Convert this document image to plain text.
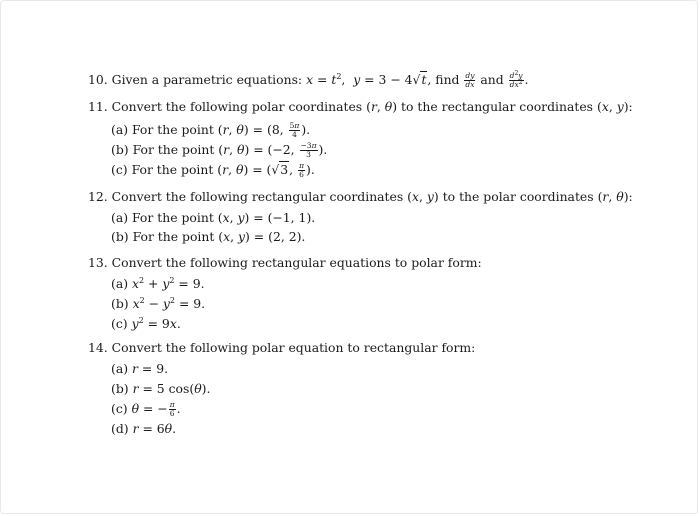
10. Given a parametric equations: $x = t^2$,  y = 3 − 4√t, find $\frac{dy}{dx}$ and $\frac{d^2y}{dx^2}$ .
11. Convert the following polar coordinates (r, θ) to the rectangular coordinates (x, y):
(a) For the point (r, θ) = (8, $\frac{5\pi}{4}$ ).
(b) For the point (r, θ) = (−2, $\frac{-3\pi}{3}$ ).
(c) For the point (r, θ) = (√3, $\frac{\pi}{6}$ ).
12. Convert the following rectangular coordinates (x, y) to the polar coordinates (r, θ):
(a) For the point (x, y) = (−1, 1).
(b) For the point (x, y) = (2, 2).
13. Convert the following rectangular equations to polar form:
(a) $x^2 + y^2 = 9$.
(b) $x^2 - y^2 = 9$.
(c) $y^2 = 9x$.
14. Convert the following polar equation to rectangular form:
(a) r = 9.
(b) r = 5 cos(θ).
(c) θ = − $\frac{\pi}{6}$ .
(d) r = 6θ.
